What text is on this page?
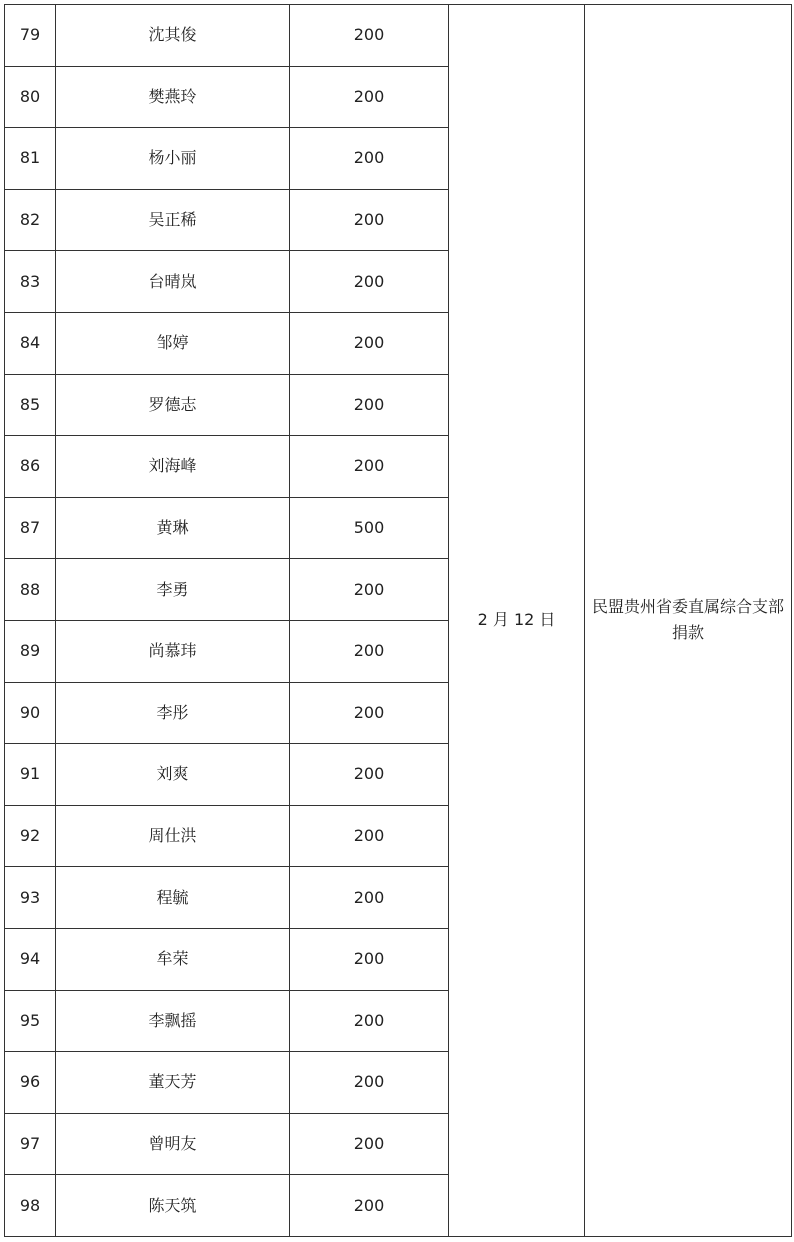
79	沈其俊	200	2 月 12 日	民盟贵州省委直属综合支部捐款
80	樊燕玲	200		
81	杨小丽	200		
82	吴正稀	200		
83	台晴岚	200		
84	邹婷	200		
85	罗德志	200		
86	刘海峰	200		
87	黄琳	500		
88	李勇	200		
89	尚慕玮	200		
90	李彤	200		
91	刘爽	200		
92	周仕洪	200		
93	程毓	200		
94	牟荣	200		
95	李飘摇	200		
96	董天芳	200		
97	曾明友	200		
98	陈天筑	200		
